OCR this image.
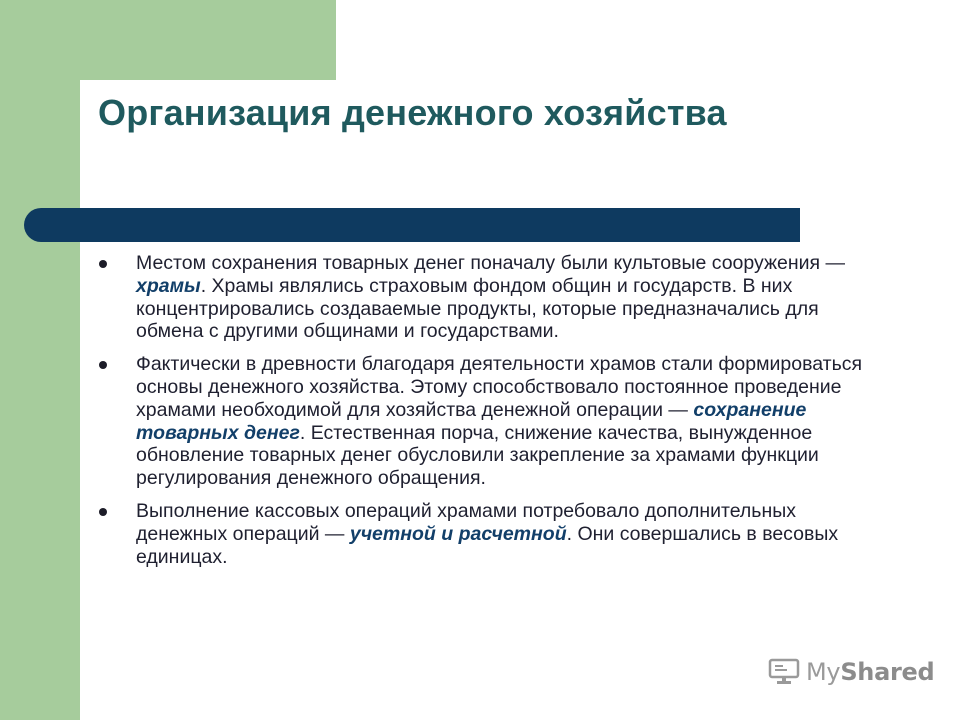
Организация денежного хозяйства
Местом сохранения товарных денег поначалу были культовые сооружения — храмы. Храмы являлись страховым фондом общин и государств. В них концентрировались создаваемые продукты, которые предназначались для обмена с другими общинами и государствами.
Фактически в древности благодаря деятельности храмов стали формироваться основы денежного хозяйства. Этому способствовало постоянное проведение храмами необходимой для хозяйства денежной операции — сохранение товарных денег. Естественная порча, снижение качества, вынужденное обновление товарных денег обусловили закрепление за храмами функции регулирования денежного обращения.
Выполнение кассовых операций храмами потребовало дополнительных денежных операций — учетной и расчетной. Они совершались в весовых единицах.
MyShared
